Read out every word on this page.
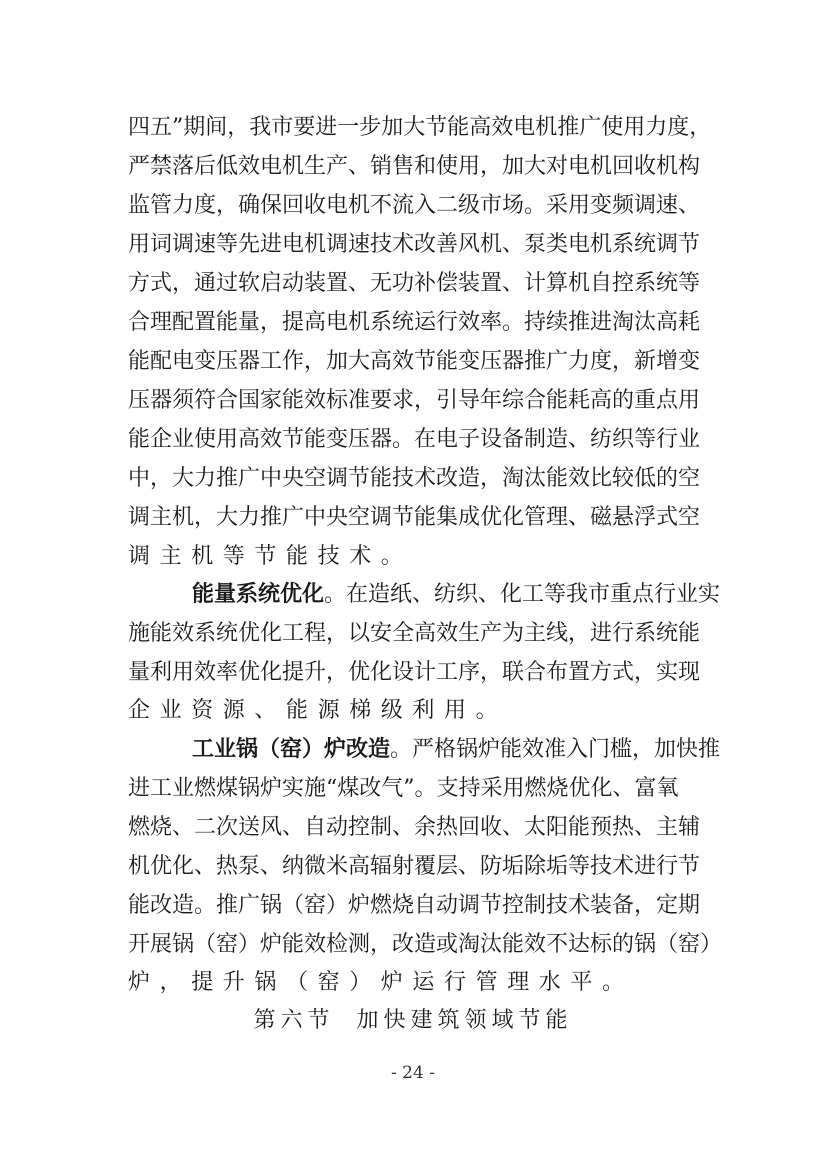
四五”期间，我市要进一步加大节能高效电机推广使用力度，
严禁落后低效电机生产、销售和使用，加大对电机回收机构
监管力度，确保回收电机不流入二级市场。采用变频调速、
用词调速等先进电机调速技术改善风机、泵类电机系统调节
方式，通过软启动装置、无功补偿装置、计算机自控系统等
合理配置能量，提高电机系统运行效率。持续推进淘汰高耗
能配电变压器工作，加大高效节能变压器推广力度，新增变
压器须符合国家能效标准要求，引导年综合能耗高的重点用
能企业使用高效节能变压器。在电子设备制造、纺织等行业
中，大力推广中央空调节能技术改造，淘汰能效比较低的空
调主机，大力推广中央空调节能集成优化管理、磁悬浮式空
调主机等节能技术。
能量系统优化。在造纸、纺织、化工等我市重点行业实
施能效系统优化工程，以安全高效生产为主线，进行系统能
量利用效率优化提升，优化设计工序，联合布置方式，实现
企业资源、能源梯级利用。
工业锅（窑）炉改造。严格锅炉能效准入门槛，加快推
进工业燃煤锅炉实施“煤改气”。支持采用燃烧优化、富氧
燃烧、二次送风、自动控制、余热回收、太阳能预热、主辅
机优化、热泵、纳微米高辐射覆层、防垢除垢等技术进行节
能改造。推广锅（窑）炉燃烧自动调节控制技术装备，定期
开展锅（窑）炉能效检测，改造或淘汰能效不达标的锅（窑）
炉，提升锅（窑）炉运行管理水平。
第六节 加快建筑领域节能
- 24 -
